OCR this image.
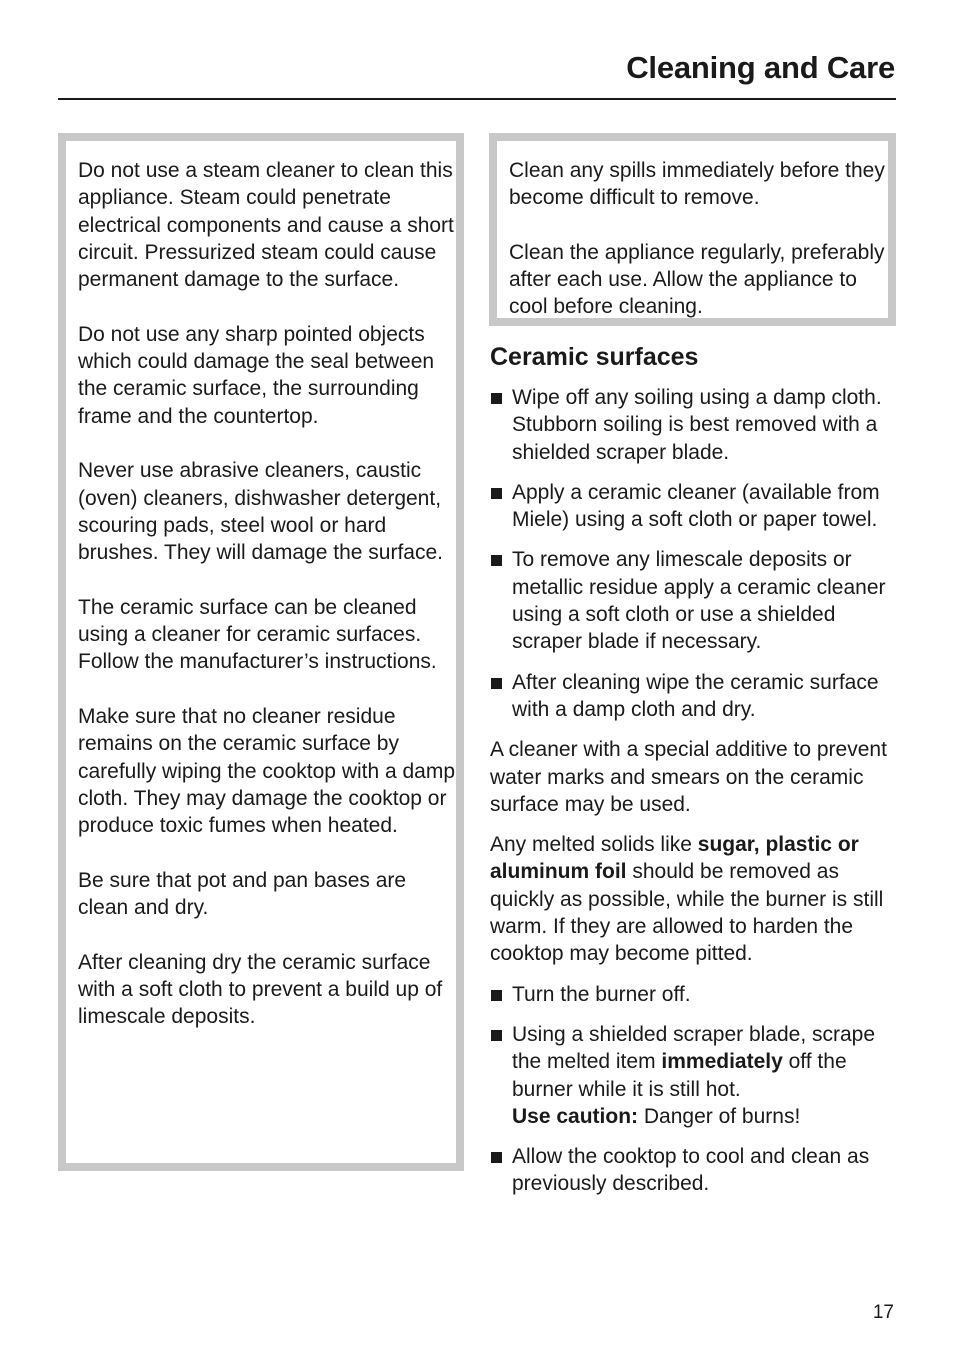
Cleaning and Care

Do not use a steam cleaner to clean this appliance. Steam could penetrate electrical components and cause a short circuit. Pressurized steam could cause permanent damage to the surface.

Do not use any sharp pointed objects which could damage the seal between the ceramic surface, the surrounding frame and the countertop.

Never use abrasive cleaners, caustic (oven) cleaners, dishwasher detergent, scouring pads, steel wool or hard brushes. They will damage the surface.

The ceramic surface can be cleaned using a cleaner for ceramic surfaces. Follow the manufacturer’s instructions.

Make sure that no cleaner residue remains on the ceramic surface by carefully wiping the cooktop with a damp cloth. They may damage the cooktop or produce toxic fumes when heated.

Be sure that pot and pan bases are clean and dry.

After cleaning dry the ceramic surface with a soft cloth to prevent a build up of limescale deposits.

Clean any spills immediately before they become difficult to remove.

Clean the appliance regularly, preferably after each use. Allow the appliance to cool before cleaning.

Ceramic surfaces
Wipe off any soiling using a damp cloth. Stubborn soiling is best removed with a shielded scraper blade.
Apply a ceramic cleaner (available from Miele) using a soft cloth or paper towel.
To remove any limescale deposits or metallic residue apply a ceramic cleaner using a soft cloth or use a shielded scraper blade if necessary.
After cleaning wipe the ceramic surface with a damp cloth and dry.

A cleaner with a special additive to prevent water marks and smears on the ceramic surface may be used.

Any melted solids like sugar, plastic or aluminum foil should be removed as quickly as possible, while the burner is still warm. If they are allowed to harden the cooktop may become pitted.

Turn the burner off.
Using a shielded scraper blade, scrape the melted item immediately off the burner while it is still hot.
Use caution: Danger of burns!
Allow the cooktop to cool and clean as previously described.
17
